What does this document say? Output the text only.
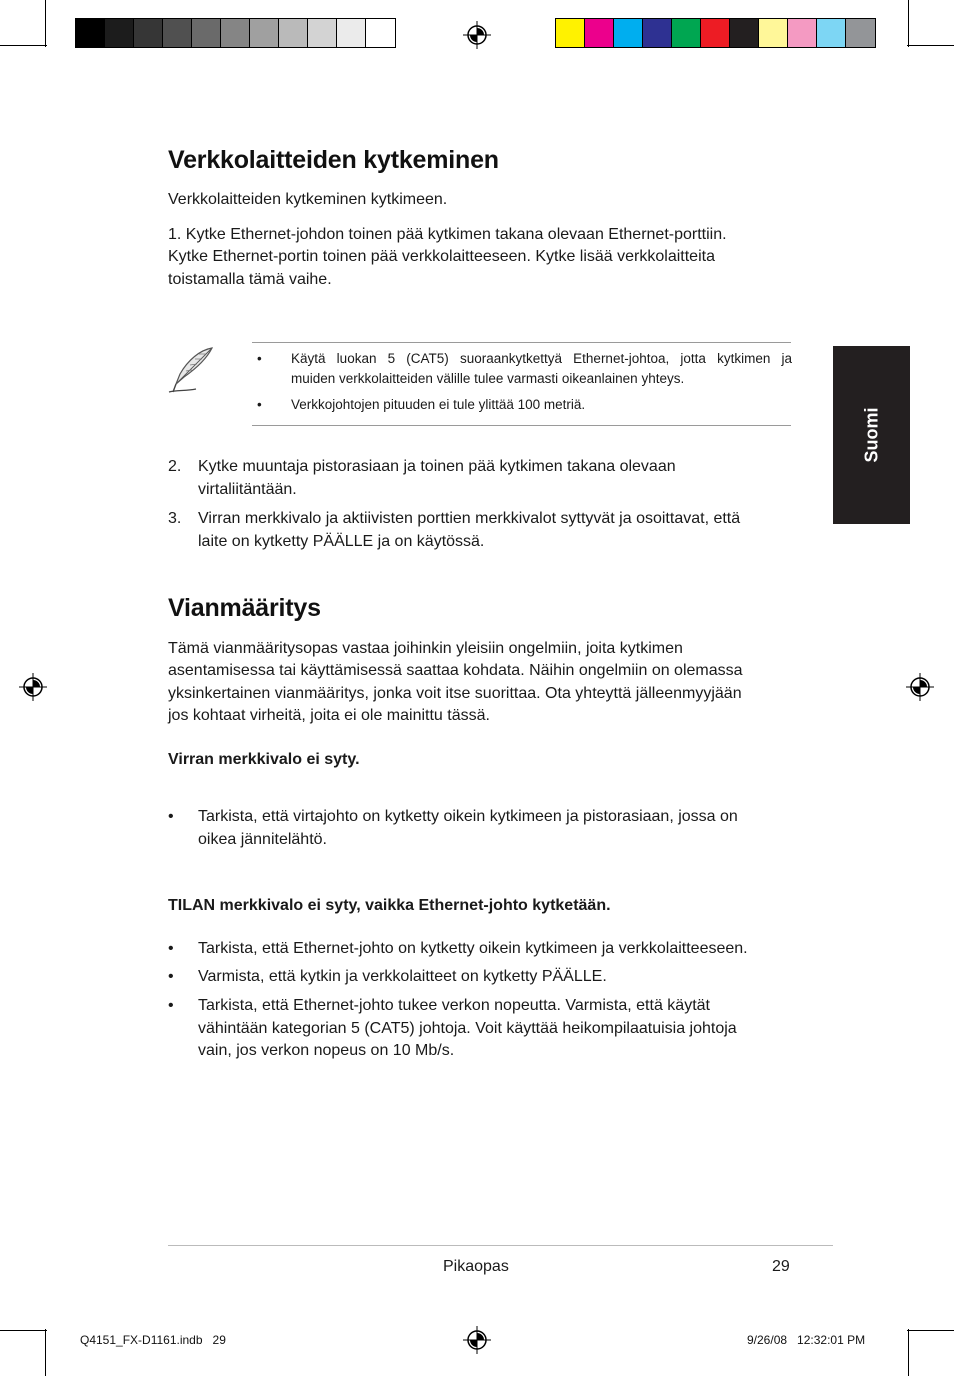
Suomi
Verkkolaitteiden kytkeminen

Verkkolaitteiden kytkeminen kytkimeen.

1. Kytke Ethernet-johdon toinen pää kytkimen takana olevaan Ethernet-porttiin.

Kytke Ethernet-portin toinen pää verkkolaitteeseen. Kytke lisää verkkolaitteita

toistamalla tämä vaihe.

• Käytä luokan 5 (CAT5) suoraankytkettyä Ethernet-johtoa, jotta kytkimen ja
muiden verkkolaitteiden välille tulee varmasti oikeanlainen yhteys.
• Verkkojohtojen pituuden ei tule ylittää 100 metriä.
2. Kytke muuntaja pistorasiaan ja toinen pää kytkimen takana olevaan
virtaliitäntään.
3. Virran merkkivalo ja aktiivisten porttien merkkivalot syttyvät ja osoittavat, että
laite on kytketty PÄÄLLE ja on käytössä.
Vianmääritys

Tämä vianmääritysopas vastaa joihinkin yleisiin ongelmiin, joita kytkimen

asentamisessa tai käyttämisessä saattaa kohdata. Näihin ongelmiin on olemassa

yksinkertainen vianmääritys, jonka voit itse suorittaa. Ota yhteyttä jälleenmyyjään

jos kohtaat virheitä, joita ei ole mainittu tässä.

Virran merkkivalo ei syty.

• Tarkista, että virtajohto on kytketty oikein kytkimeen ja pistorasiaan, jossa on
oikea jännitelähtö.

TILAN merkkivalo ei syty, vaikka Ethernet-johto kytketään.

• Tarkista, että Ethernet-johto on kytketty oikein kytkimeen ja verkkolaitteeseen.
• Varmista, että kytkin ja verkkolaitteet on kytketty PÄÄLLE.
• Tarkista, että Ethernet-johto tukee verkon nopeutta. Varmista, että käytät
vähintään kategorian 5 (CAT5) johtoja. Voit käyttää heikompilaatuisia johtoja
vain, jos verkon nopeus on 10 Mb/s.
Pikaopas	29
Q4151_FX-D1161.indb   29	9/26/08   12:32:01 PM
